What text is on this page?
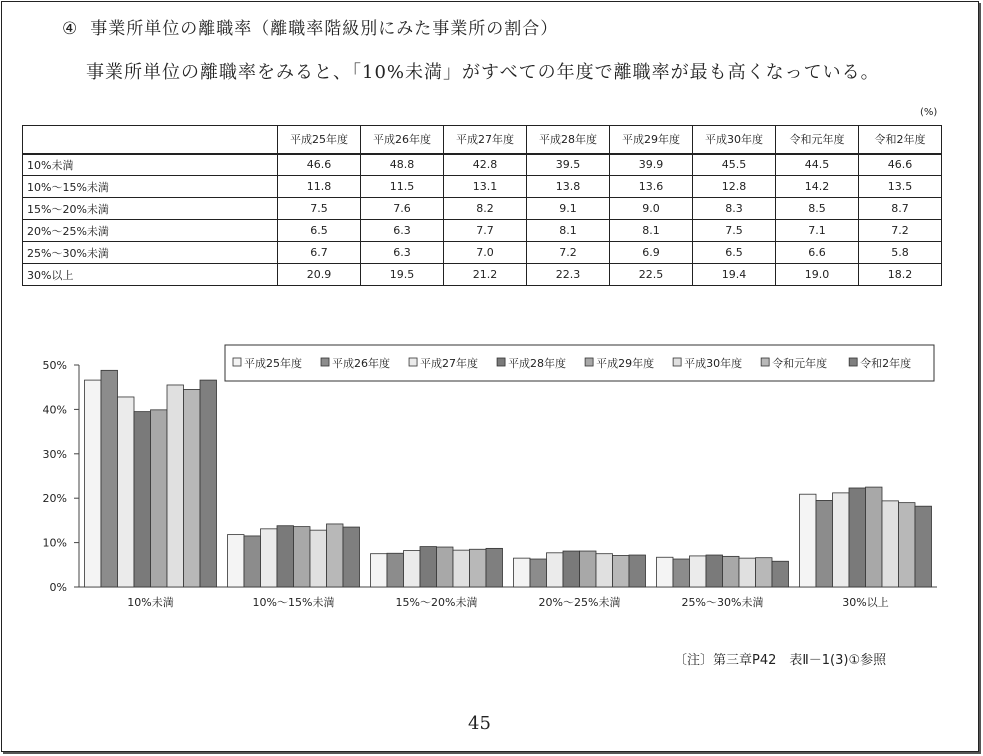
④ 事業所単位の離職率（離職率階級別にみた事業所の割合）
事業所単位の離職率をみると、「10%未満」がすべての年度で離職率が最も高くなっている。
(%)
	平成25年度	平成26年度	平成27年度	平成28年度	平成29年度	平成30年度	令和元年度	令和2年度
10%未満	46.6	48.8	42.8	39.5	39.9	45.5	44.5	46.6
10%～15%未満	11.8	11.5	13.1	13.8	13.6	12.8	14.2	13.5
15%～20%未満	7.5	7.6	8.2	9.1	9.0	8.3	8.5	8.7
20%～25%未満	6.5	6.3	7.7	8.1	8.1	7.5	7.1	7.2
25%～30%未満	6.7	6.3	7.0	7.2	6.9	6.5	6.6	5.8
30%以上	20.9	19.5	21.2	22.3	22.5	19.4	19.0	18.2
0%
10%
20%
30%
40%
50%
10%未満	10%～15%未満	15%～20%未満	20%～25%未満	25%～30%未満	30%以上
平成25年度	平成26年度	平成27年度	平成28年度	平成29年度	平成30年度	令和元年度	令和2年度
〔注〕第三章P42　表Ⅱ－1(3)①参照
45
